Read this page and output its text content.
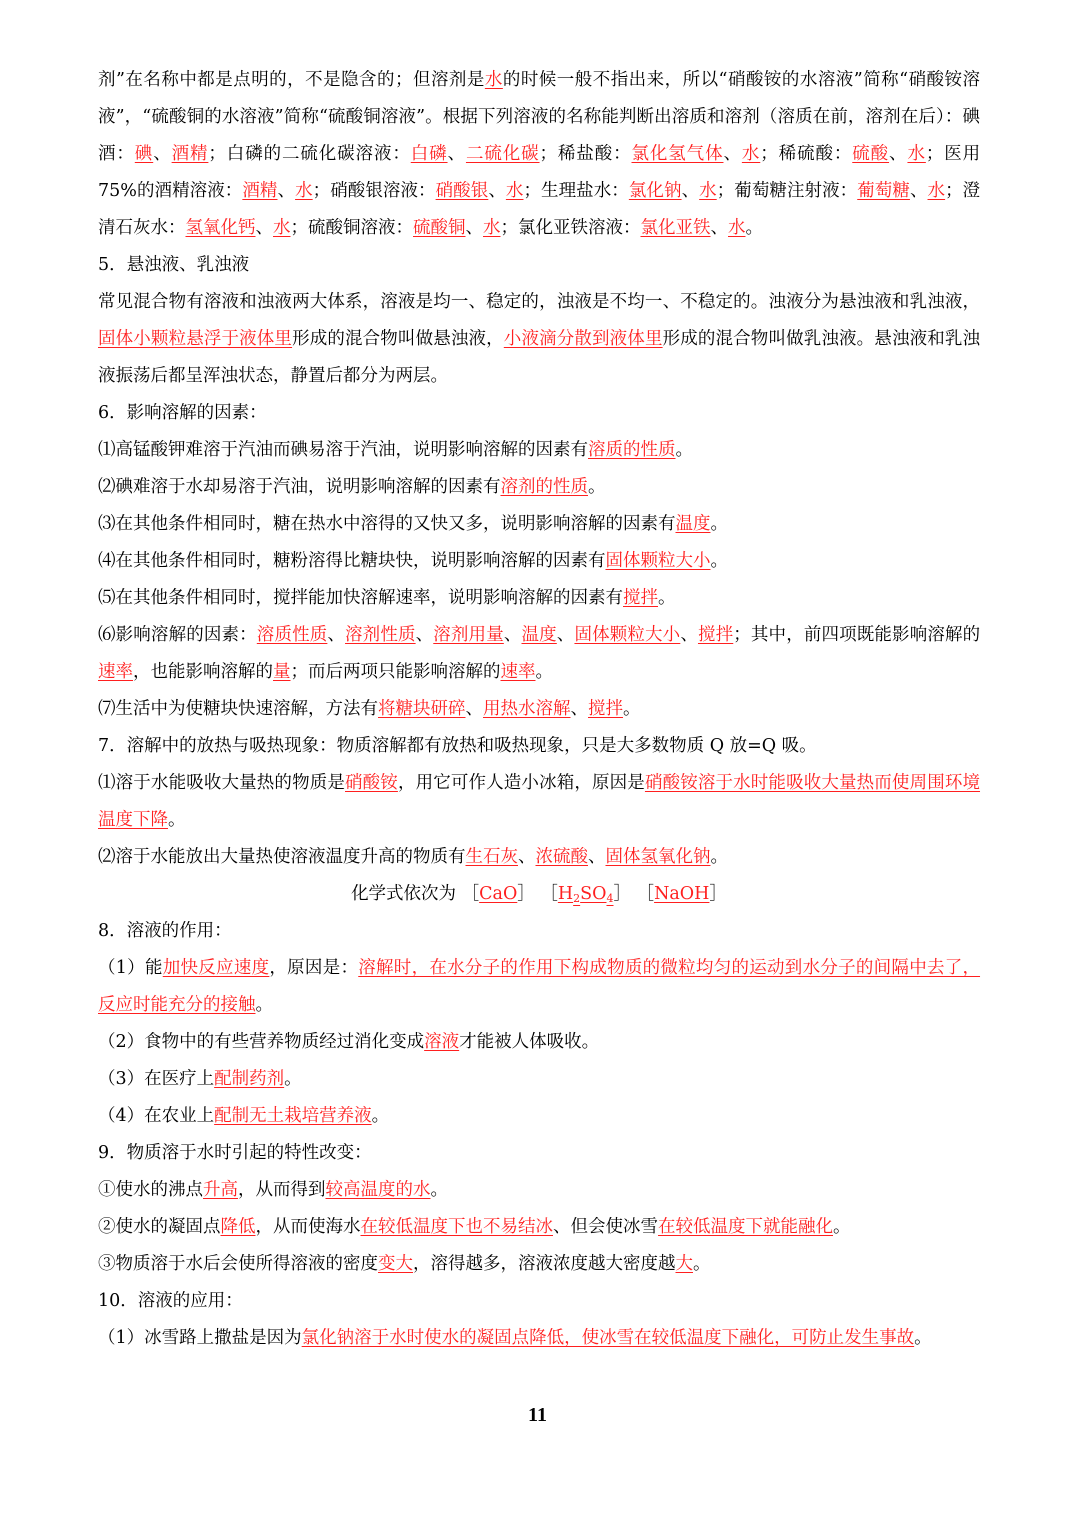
剂”在名称中都是点明的，不是隐含的；但溶剂是水的时候一般不指出来，所以“硝酸铵的水溶液”简称“硝酸铵溶液”，“硫酸铜的水溶液”简称“硫酸铜溶液”。根据下列溶液的名称能判断出溶质和溶剂（溶质在前，溶剂在后）：碘酒：碘、酒精；白磷的二硫化碳溶液：白磷、二硫化碳；稀盐酸：氯化氢气体、水；稀硫酸：硫酸、水；医用 75%的酒精溶液：酒精、水；硝酸银溶液：硝酸银、水；生理盐水：氯化钠、水；葡萄糖注射液：葡萄糖、水；澄清石灰水：氢氧化钙、水；硫酸铜溶液：硫酸铜、水；氯化亚铁溶液：氯化亚铁、水。
5．悬浊液、乳浊液
常见混合物有溶液和浊液两大体系，溶液是均一、稳定的，浊液是不均一、不稳定的。浊液分为悬浊液和乳浊液，固体小颗粒悬浮于液体里形成的混合物叫做悬浊液，小液滴分散到液体里形成的混合物叫做乳浊液。悬浊液和乳浊液振荡后都呈浑浊状态，静置后都分为两层。
6．影响溶解的因素：
⑴高锰酸钾难溶于汽油而碘易溶于汽油，说明影响溶解的因素有溶质的性质。
⑵碘难溶于水却易溶于汽油，说明影响溶解的因素有溶剂的性质。
⑶在其他条件相同时，糖在热水中溶得的又快又多，说明影响溶解的因素有温度。
⑷在其他条件相同时，糖粉溶得比糖块快，说明影响溶解的因素有固体颗粒大小。
⑸在其他条件相同时，搅拌能加快溶解速率，说明影响溶解的因素有搅拌。
⑹影响溶解的因素：溶质性质、溶剂性质、溶剂用量、温度、固体颗粒大小、搅拌；其中，前四项既能影响溶解的速率，也能影响溶解的量；而后两项只能影响溶解的速率。
⑺生活中为使糖块快速溶解，方法有将糖块研碎、用热水溶解、搅拌。
7．溶解中的放热与吸热现象：物质溶解都有放热和吸热现象，只是大多数物质 Q 放=Q 吸。
⑴溶于水能吸收大量热的物质是硝酸铵，用它可作人造小冰箱，原因是硝酸铵溶于水时能吸收大量热而使周围环境温度下降。
⑵溶于水能放出大量热使溶液温度升高的物质有生石灰、浓硫酸、固体氢氧化钠。
化学式依次为 ［CaO］ $[H_2SO_4]$ ［NaOH］
8．溶液的作用：
（1）能加快反应速度，原因是：溶解时，在水分子的作用下构成物质的微粒均匀的运动到水分子的间隔中去了，反应时能充分的接触。
（2）食物中的有些营养物质经过消化变成溶液才能被人体吸收。
（3）在医疗上配制药剂。
（4）在农业上配制无土栽培营养液。
9．物质溶于水时引起的特性改变：
①使水的沸点升高，从而得到较高温度的水。
②使水的凝固点降低，从而使海水在较低温度下也不易结冰、但会使冰雪在较低温度下就能融化。
③物质溶于水后会使所得溶液的密度变大，溶得越多，溶液浓度越大密度越大。
10．溶液的应用：
（1）冰雪路上撒盐是因为氯化钠溶于水时使水的凝固点降低，使冰雪在较低温度下融化，可防止发生事故。
11
